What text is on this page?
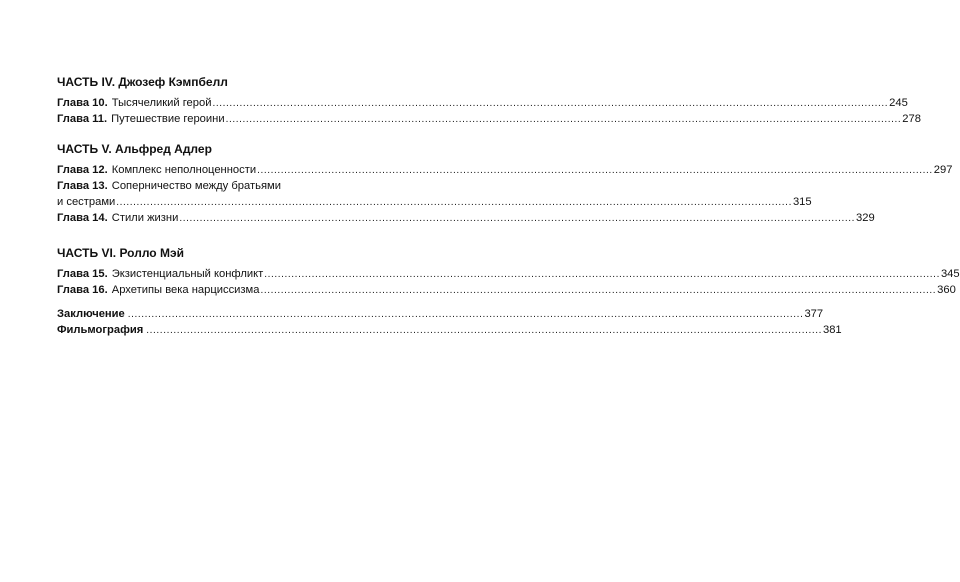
ЧАСТЬ IV. Джозеф Кэмпбелл
Глава 10. Тысячеликий герой ........................................................................................................................................................................................................ 245
Глава 11. Путешествие героини ........................................................................................................................................................................................................ 278
ЧАСТЬ V. Альфред Адлер
Глава 12. Комплекс неполноценности ........................................................................................................................................................................................................ 297
Глава 13. Соперничество между братьями
и сестрами ........................................................................................................................................................................................................ 315
Глава 14. Стили жизни ........................................................................................................................................................................................................ 329
ЧАСТЬ VI. Ролло Мэй
Глава 15. Экзистенциальный конфликт ........................................................................................................................................................................................................ 345
Глава 16. Архетипы века нарциссизма ........................................................................................................................................................................................................ 360
Заключение ........................................................................................................................................................................................................ 377
Фильмография ........................................................................................................................................................................................................ 381
